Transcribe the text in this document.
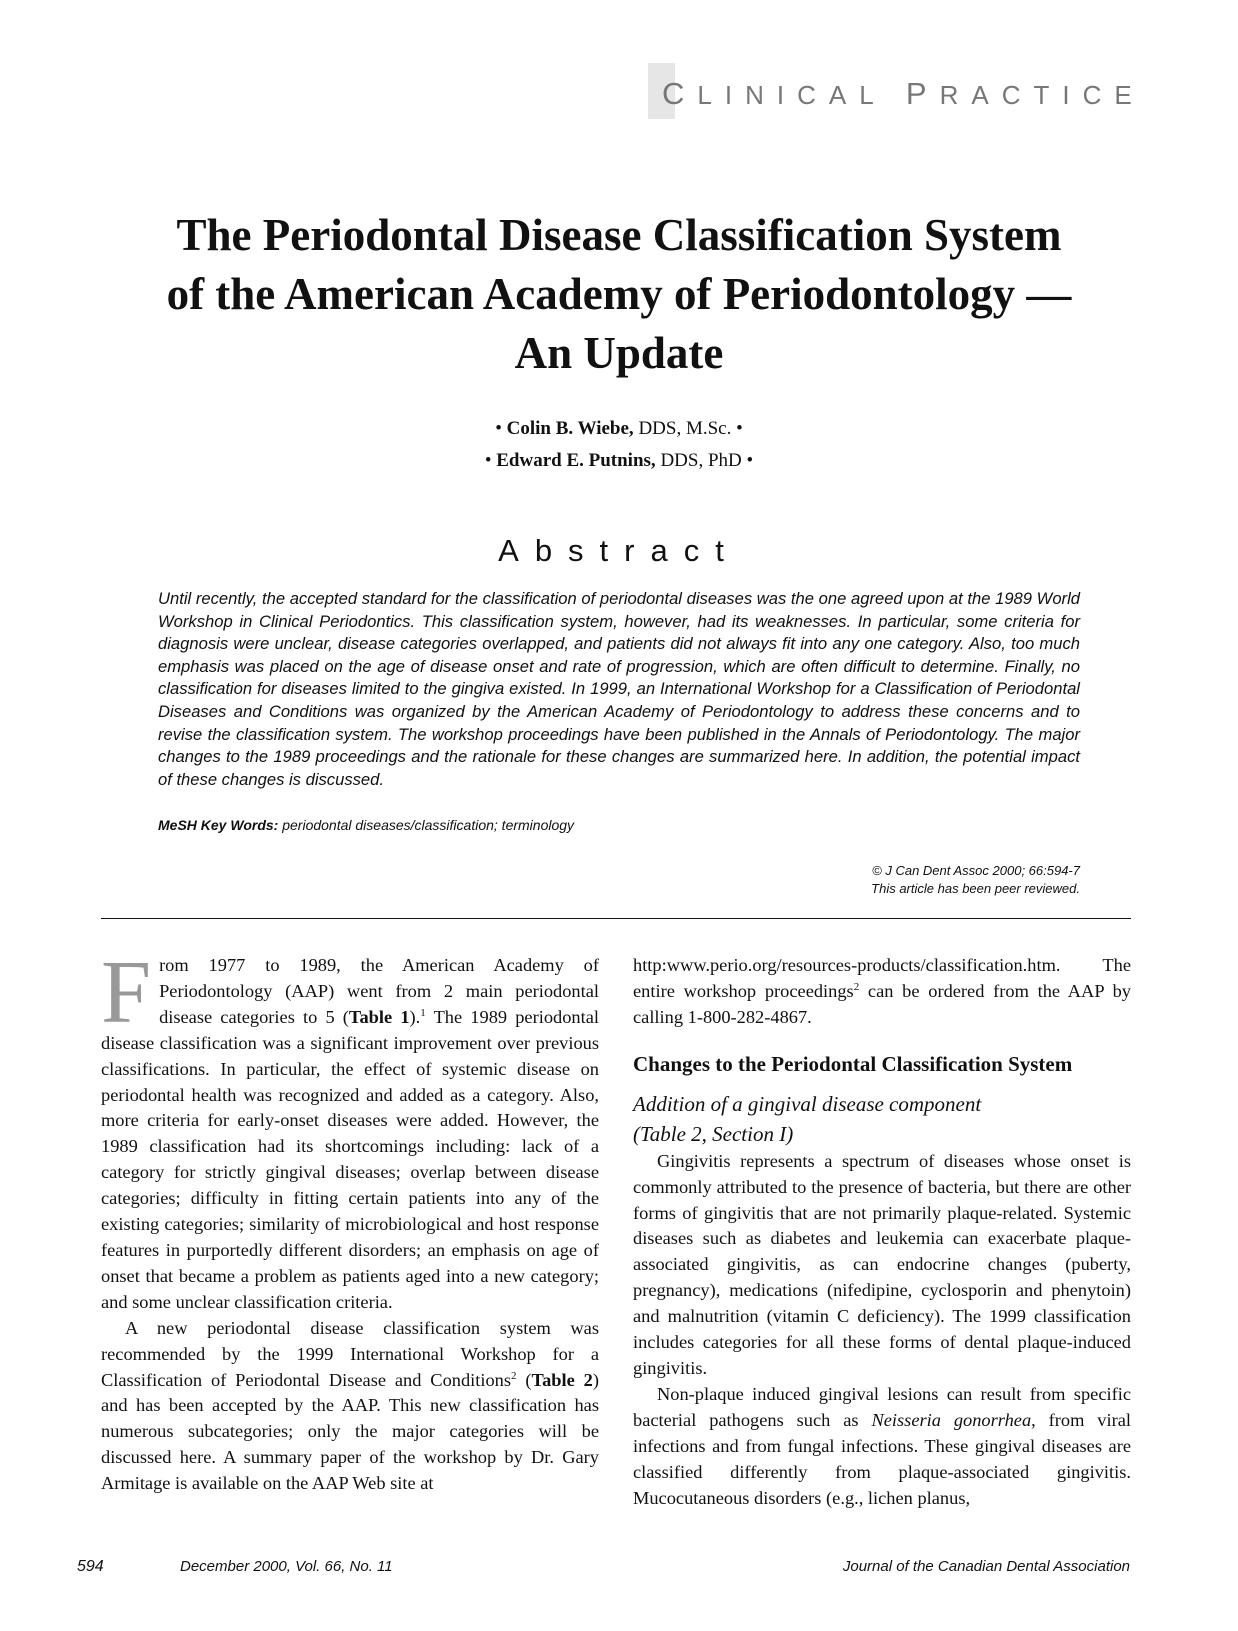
CLINICAL PRACTICE
The Periodontal Disease Classification System
of the American Academy of Periodontology —
An Update
• Colin B. Wiebe, DDS, M.Sc. •
• Edward E. Putnins, DDS, PhD •
Abstract

Until recently, the accepted standard for the classification of periodontal diseases was the one agreed upon at the 1989 World Workshop in Clinical Periodontics. This classification system, however, had its weaknesses. In particular, some criteria for diagnosis were unclear, disease categories overlapped, and patients did not always fit into any one category. Also, too much emphasis was placed on the age of disease onset and rate of progression, which are often difficult to determine. Finally, no classification for diseases limited to the gingiva existed. In 1999, an International Workshop for a Classification of Periodontal Diseases and Conditions was organized by the American Academy of Periodontology to address these concerns and to revise the classification system. The workshop proceedings have been published in the Annals of Periodontology. The major changes to the 1989 proceedings and the rationale for these changes are summarized here. In addition, the potential impact of these changes is discussed.

MeSH Key Words: periodontal diseases/classification; terminology
© J Can Dent Assoc 2000; 66:594-7
This article has been peer reviewed.

From 1977 to 1989, the American Academy of Periodontology (AAP) went from 2 main periodontal disease categories to 5 (Table 1).$^1$ The 1989 periodontal disease classification was a significant improvement over previous classifications. In particular, the effect of systemic disease on periodontal health was recognized and added as a category. Also, more criteria for early-onset diseases were added. However, the 1989 classification had its shortcomings including: lack of a category for strictly gingival diseases; overlap between disease categories; difficulty in fitting certain patients into any of the existing categories; similarity of microbiological and host response features in purportedly different disorders; an emphasis on age of onset that became a problem as patients aged into a new category; and some unclear classification criteria.

A new periodontal disease classification system was recommended by the 1999 International Workshop for a Classification of Periodontal Disease and Conditions$^2$ (Table 2) and has been accepted by the AAP. This new classification has numerous subcategories; only the major categories will be discussed here. A summary paper of the workshop by Dr. Gary Armitage is available on the AAP Web site at

http:www.perio.org/resources-products/classification.htm. The entire workshop proceedings$^2$ can be ordered from the AAP by calling 1-800-282-4867.

Changes to the Periodontal Classification System
Addition of a gingival disease component
(Table 2, Section I)

Gingivitis represents a spectrum of diseases whose onset is commonly attributed to the presence of bacteria, but there are other forms of gingivitis that are not primarily plaque-related. Systemic diseases such as diabetes and leukemia can exacerbate plaque-associated gingivitis, as can endocrine changes (puberty, pregnancy), medications (nifedipine, cyclosporin and phenytoin) and malnutrition (vitamin C deficiency). The 1999 classification includes categories for all these forms of dental plaque-induced gingivitis.

Non-plaque induced gingival lesions can result from specific bacterial pathogens such as Neisseria gonorrhea, from viral infections and from fungal infections. These gingival diseases are classified differently from plaque-associated gingivitis. Mucocutaneous disorders (e.g., lichen planus,

594	December 2000, Vol. 66, No. 11	Journal of the Canadian Dental Association
